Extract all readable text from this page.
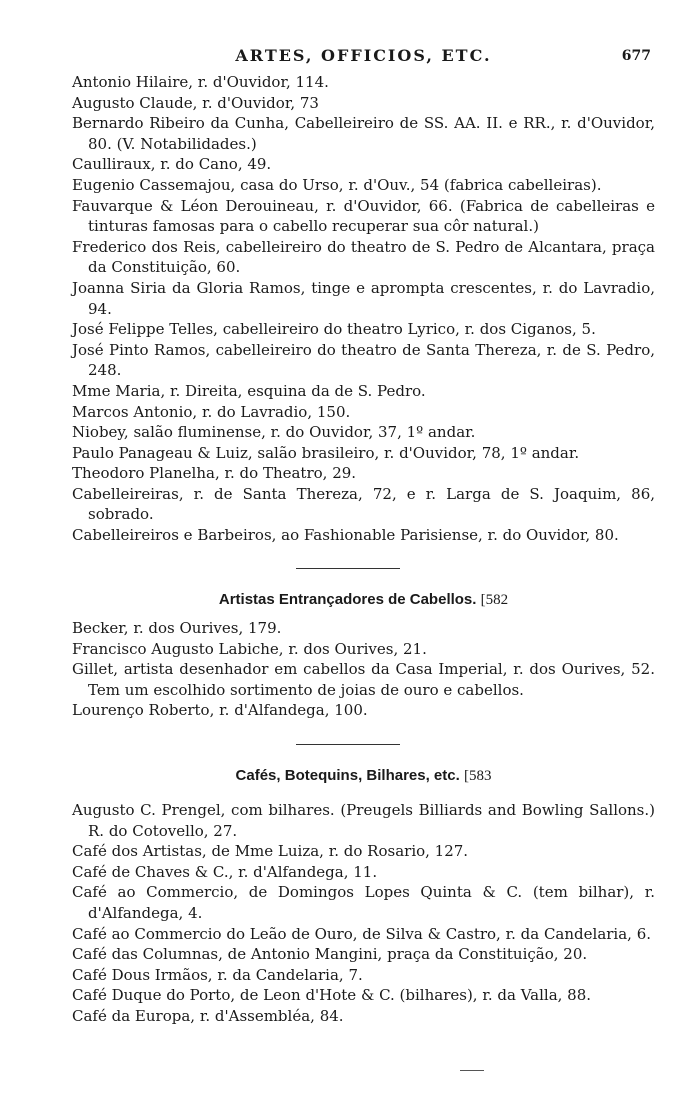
ARTES, OFFICIOS, ETC.	677
Antonio Hilaire, r. d'Ouvidor, 114.
Augusto Claude, r. d'Ouvidor, 73
Bernardo Ribeiro da Cunha, Cabelleireiro de SS. AA. II. e RR., r. d'Ouvidor, 80. (V. Notabilidades.)
Caulliraux, r. do Cano, 49.
Eugenio Cassemajou, casa do Urso, r. d'Ouv., 54 (fabrica cabelleiras).
Fauvarque & Léon Derouineau, r. d'Ouvidor, 66. (Fabrica de cabelleiras e tinturas famosas para o cabello recuperar sua côr natural.)
Frederico dos Reis, cabelleireiro do theatro de S. Pedro de Alcantara, praça da Constituição, 60.
Joanna Siria da Gloria Ramos, tinge e aprompta crescentes, r. do Lavradio, 94.
José Felippe Telles, cabelleireiro do theatro Lyrico, r. dos Ciganos, 5.
José Pinto Ramos, cabelleireiro do theatro de Santa Thereza, r. de S. Pedro, 248.
Mme Maria, r. Direita, esquina da de S. Pedro.
Marcos Antonio, r. do Lavradio, 150.
Niobey, salão fluminense, r. do Ouvidor, 37, 1º andar.
Paulo Panageau & Luiz, salão brasileiro, r. d'Ouvidor, 78, 1º andar.
Theodoro Planelha, r. do Theatro, 29.
Cabelleireiras, r. de Santa Thereza, 72, e r. Larga de S. Joaquim, 86, sobrado.
Cabelleireiros e Barbeiros, ao Fashionable Parisiense, r. do Ouvidor, 80.
Artistas Entrançadores de Cabellos. [582
Becker, r. dos Ourives, 179.
Francisco Augusto Labiche, r. dos Ourives, 21.
Gillet, artista desenhador em cabellos da Casa Imperial, r. dos Ourives, 52. Tem um escolhido sortimento de joias de ouro e cabellos.
Lourenço Roberto, r. d'Alfandega, 100.
Cafés, Botequins, Bilhares, etc. [583
Augusto C. Prengel, com bilhares. (Preugels Billiards and Bowling Sallons.) R. do Cotovello, 27.
Café dos Artistas, de Mme Luiza, r. do Rosario, 127.
Café de Chaves & C., r. d'Alfandega, 11.
Café ao Commercio, de Domingos Lopes Quinta & C. (tem bilhar), r. d'Alfandega, 4.
Café ao Commercio do Leão de Ouro, de Silva & Castro, r. da Candelaria, 6.
Café das Columnas, de Antonio Mangini, praça da Constituição, 20.
Café Dous Irmãos, r. da Candelaria, 7.
Café Duque do Porto, de Leon d'Hote & C. (bilhares), r. da Valla, 88.
Café da Europa, r. d'Assembléa, 84.
